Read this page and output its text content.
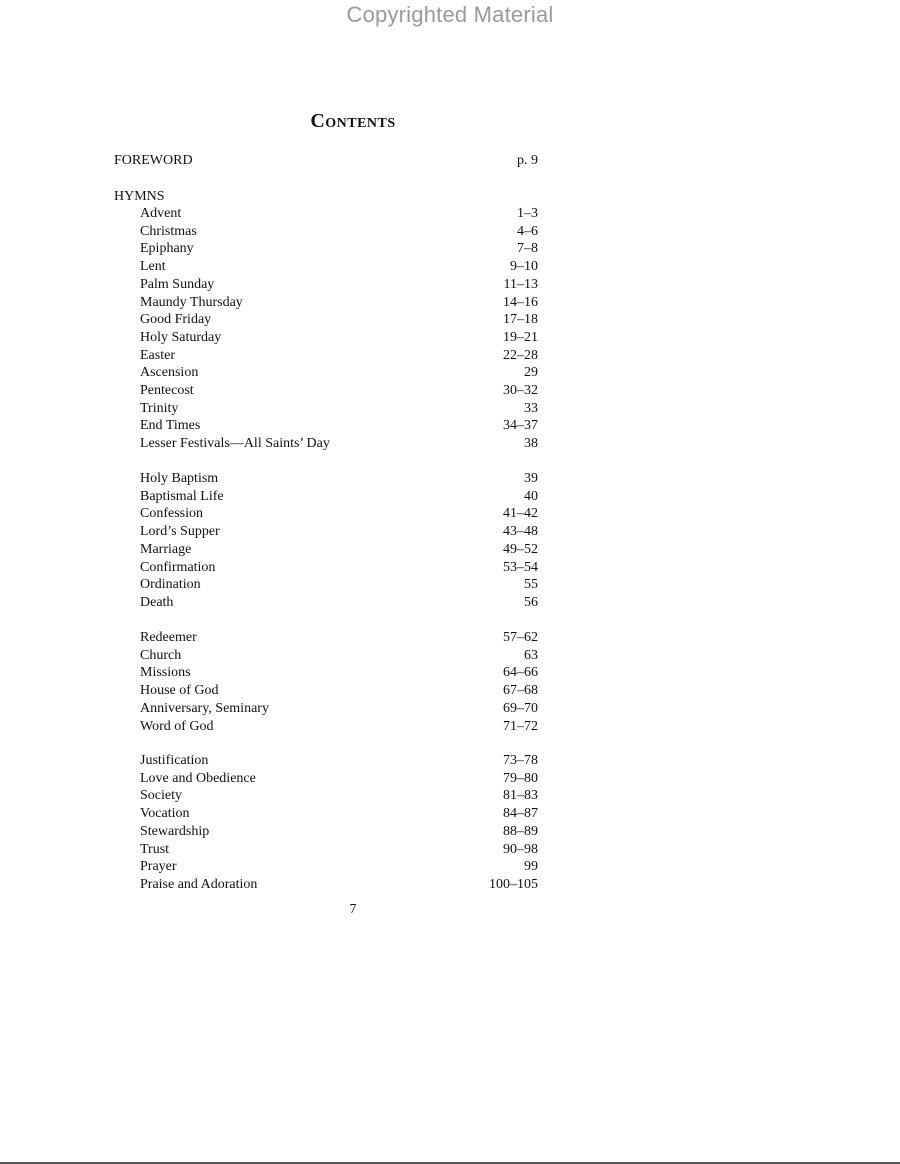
Copyrighted Material
Contents
FOREWORD	p. 9
HYMNS
Advent	1–3
Christmas	4–6
Epiphany	7–8
Lent	9–10
Palm Sunday	11–13
Maundy Thursday	14–16
Good Friday	17–18
Holy Saturday	19–21
Easter	22–28
Ascension	29
Pentecost	30–32
Trinity	33
End Times	34–37
Lesser Festivals—All Saints’ Day	38
Holy Baptism	39
Baptismal Life	40
Confession	41–42
Lord’s Supper	43–48
Marriage	49–52
Confirmation	53–54
Ordination	55
Death	56
Redeemer	57–62
Church	63
Missions	64–66
House of God	67–68
Anniversary, Seminary	69–70
Word of God	71–72
Justification	73–78
Love and Obedience	79–80
Society	81–83
Vocation	84–87
Stewardship	88–89
Trust	90–98
Prayer	99
Praise and Adoration	100–105
7
